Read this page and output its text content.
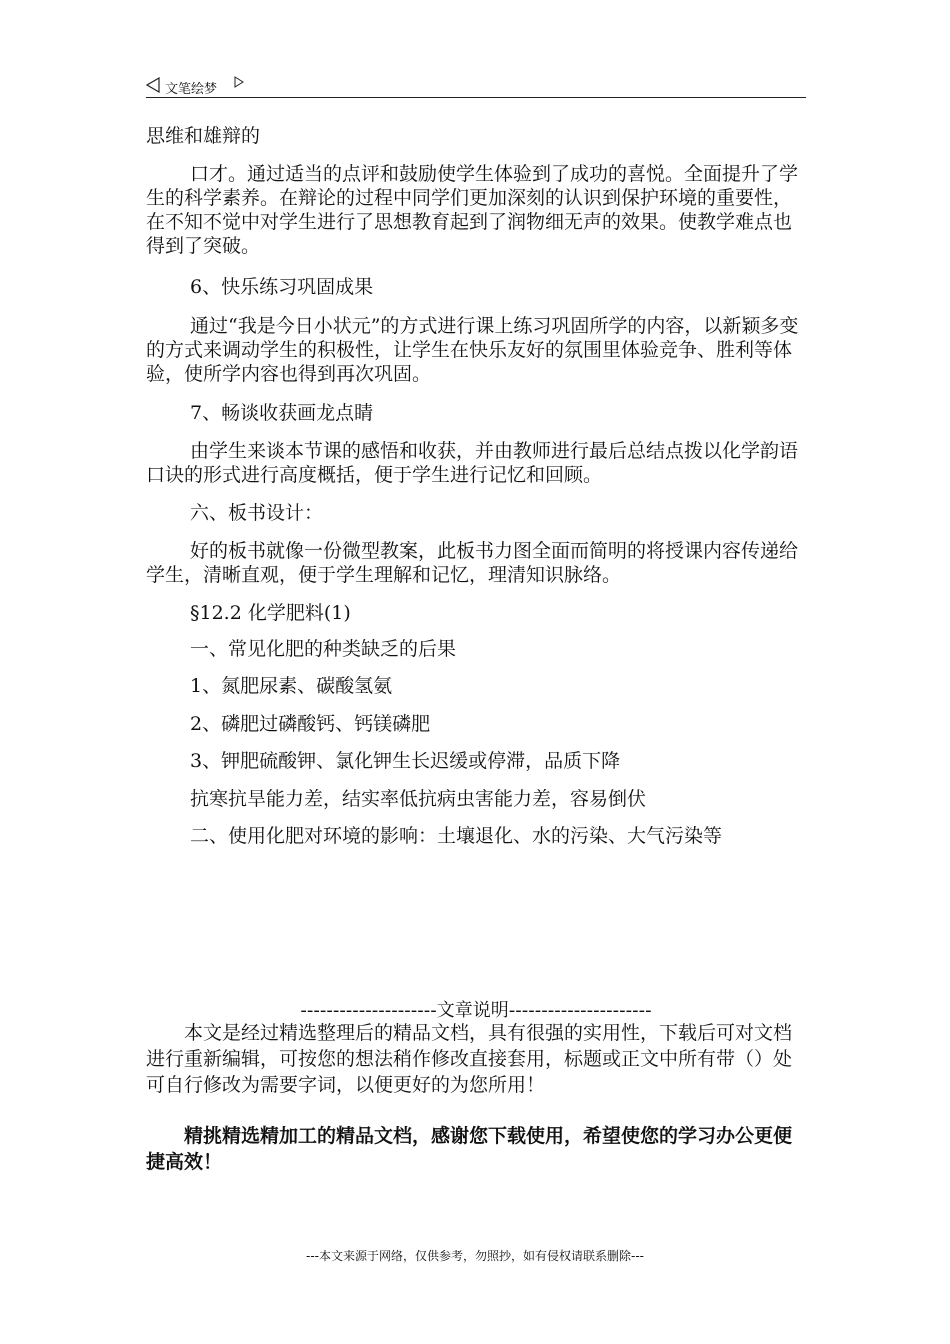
文笔绘梦

思维和雄辩的

口才。通过适当的点评和鼓励使学生体验到了成功的喜悦。全面提升了学生的科学素养。在辩论的过程中同学们更加深刻的认识到保护环境的重要性，在不知不觉中对学生进行了思想教育起到了润物细无声的效果。使教学难点也得到了突破。

6、快乐练习巩固成果

通过“我是今日小状元”的方式进行课上练习巩固所学的内容，以新颖多变的方式来调动学生的积极性，让学生在快乐友好的氛围里体验竞争、胜利等体验，使所学内容也得到再次巩固。

7、畅谈收获画龙点睛

由学生来谈本节课的感悟和收获，并由教师进行最后总结点拨以化学韵语口诀的形式进行高度概括，便于学生进行记忆和回顾。

六、板书设计：

好的板书就像一份微型教案，此板书力图全面而简明的将授课内容传递给学生，清晰直观，便于学生理解和记忆，理清知识脉络。

§12.2 化学肥料(1)

一、常见化肥的种类缺乏的后果

1、氮肥尿素、碳酸氢氨

2、磷肥过磷酸钙、钙镁磷肥

3、钾肥硫酸钾、氯化钾生长迟缓或停滞，品质下降

抗寒抗旱能力差，结实率低抗病虫害能力差，容易倒伏

二、使用化肥对环境的影响：土壤退化、水的污染、大气污染等

---------------------文章说明----------------------
本文是经过精选整理后的精品文档，具有很强的实用性，下载后可对文档进行重新编辑，可按您的想法稍作修改直接套用，标题或正文中所有带（）处可自行修改为需要字词，以便更好的为您所用！
精挑精选精加工的精品文档，感谢您下载使用，希望使您的学习办公更便捷高效！
---本文来源于网络，仅供参考，勿照抄，如有侵权请联系删除---
